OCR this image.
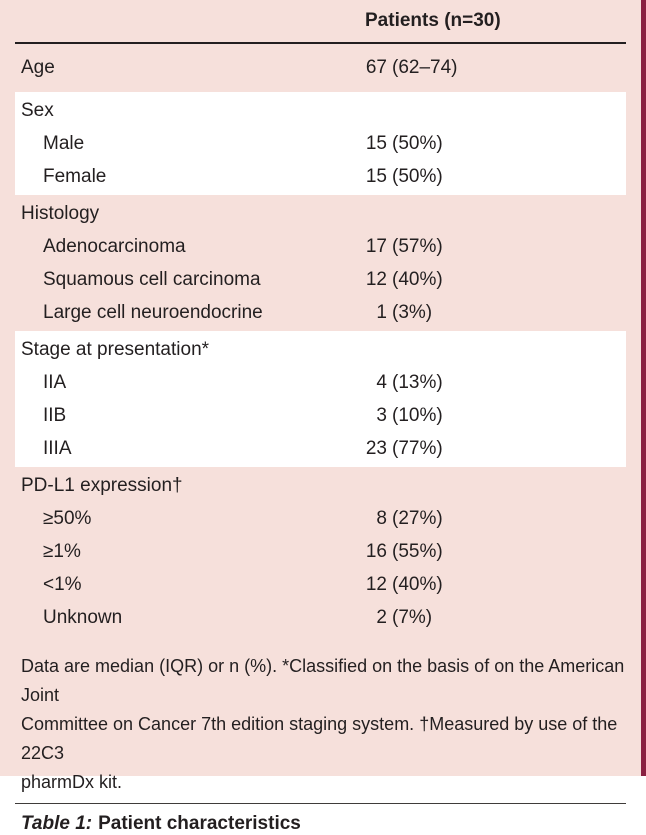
Patients (n=30)
Age	67 (62–74)
Sex
Male	15 (50%)
Female	15 (50%)
Histology
Adenocarcinoma	17 (57%)
Squamous cell carcinoma	12 (40%)
Large cell neuroendocrine	1 (3%)
Stage at presentation*
IIA	4 (13%)
IIB	3 (10%)
IIIA	23 (77%)
PD-L1 expression†
≥50%	8 (27%)
≥1%	16 (55%)
<1%	12 (40%)
Unknown	2 (7%)
Data are median (IQR) or n (%). *Classified on the basis of on the American Joint
Committee on Cancer 7th edition staging system. †Measured by use of the 22C3
pharmDx kit.
Table 1: Patient characteristics
